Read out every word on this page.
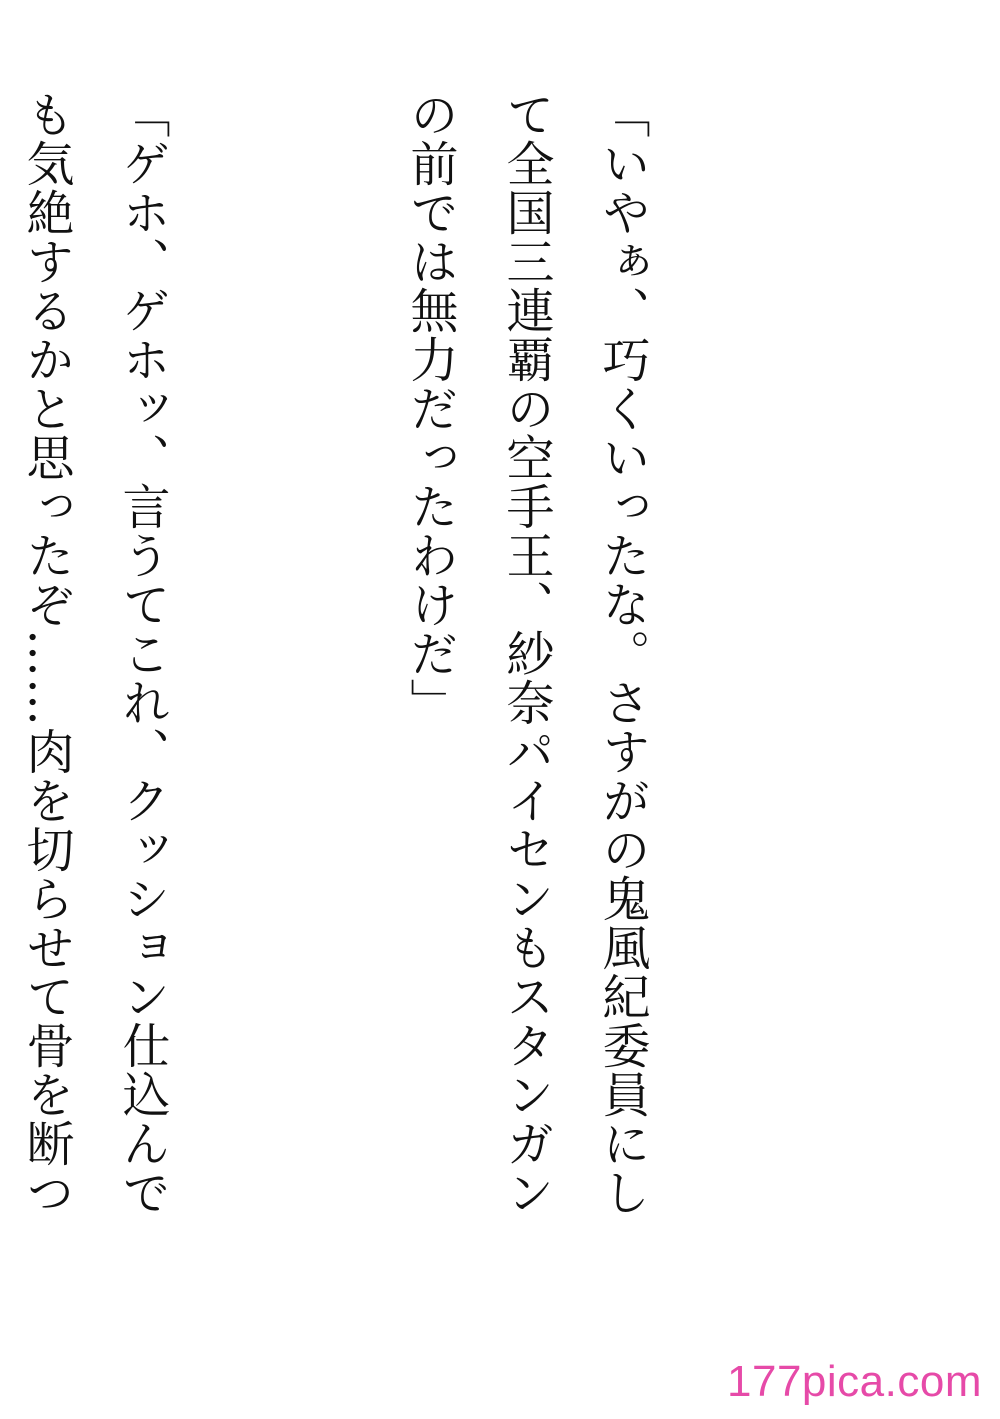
「いやぁ、巧くいったな。さすがの鬼風紀委員にして全国三連覇の空手王、紗奈パイセンもスタンガンの前では無力だったわけだ」

「ゲホ、ゲホッ、言うてこれ、クッション仕込んでも気絶するかと思ったぞ……肉を切らせて骨を断つ

177pica.com
